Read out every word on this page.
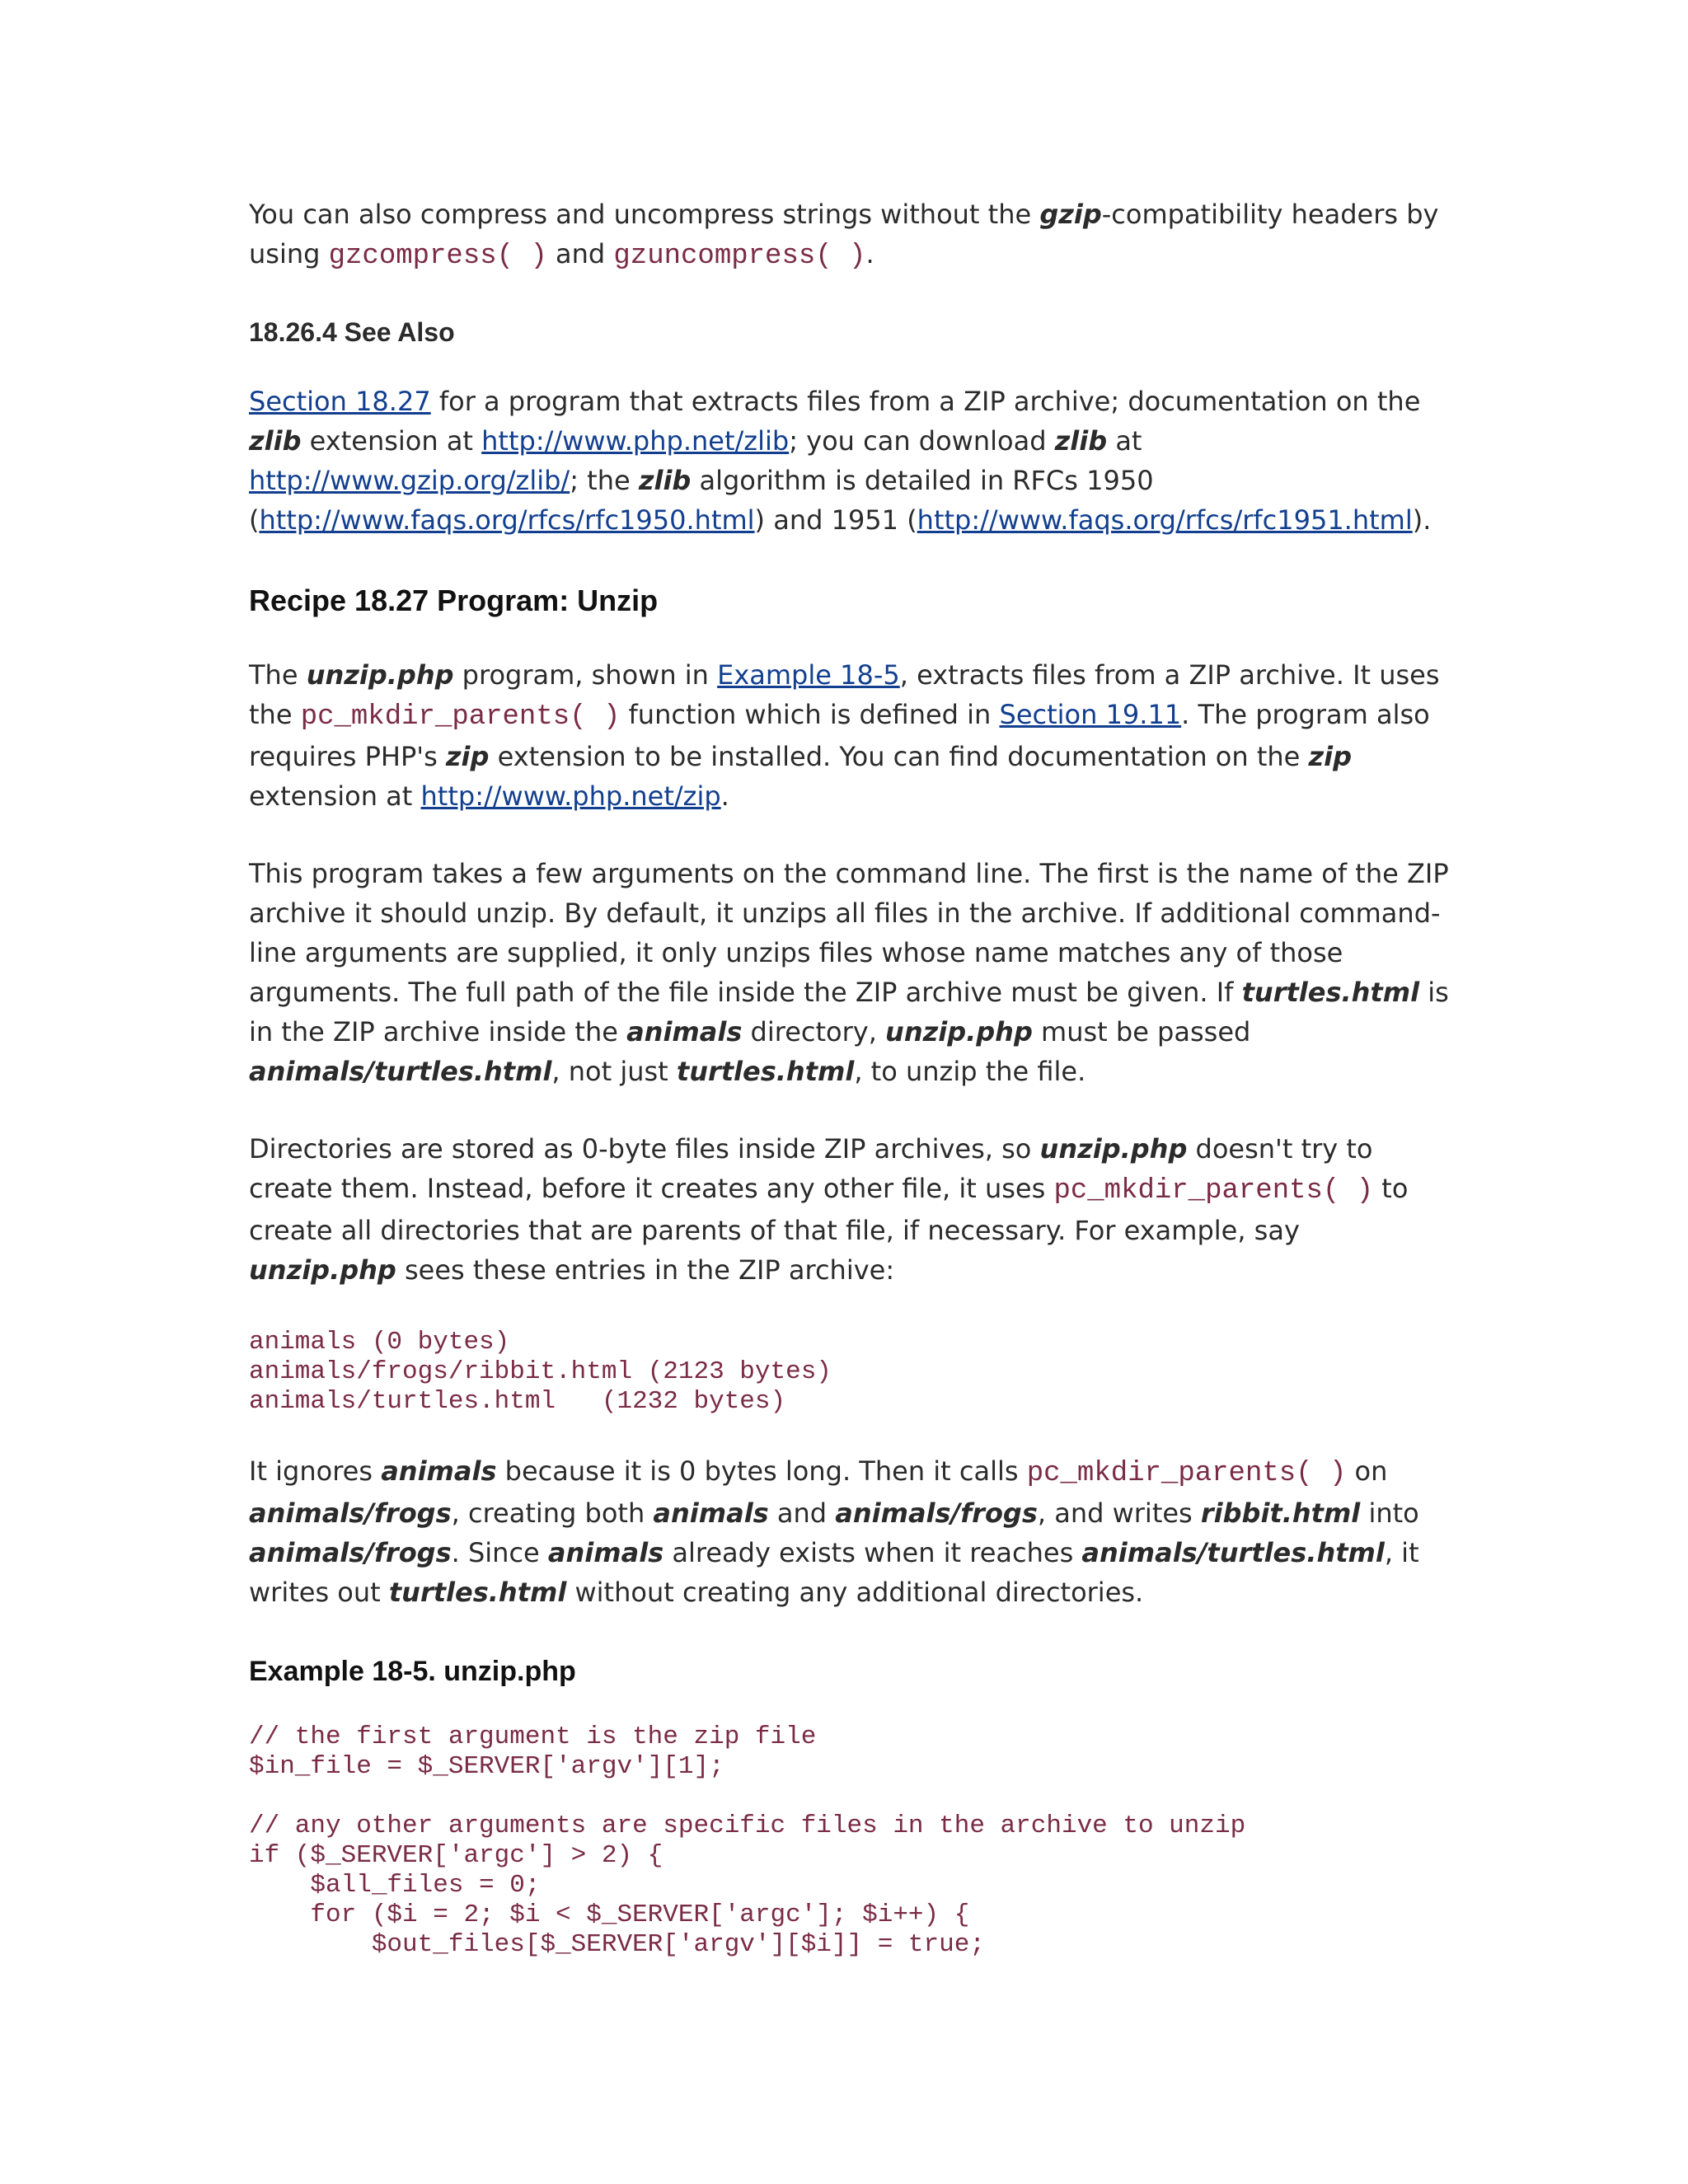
You can also compress and uncompress strings without the gzip-compatibility headers by using gzcompress( ) and gzuncompress( ).

18.26.4 See Also

Section 18.27 for a program that extracts files from a ZIP archive; documentation on the zlib extension at http://www.php.net/zlib; you can download zlib at http://www.gzip.org/zlib/; the zlib algorithm is detailed in RFCs 1950 (http://www.faqs.org/rfcs/rfc1950.html) and 1951 (http://www.faqs.org/rfcs/rfc1951.html).

Recipe 18.27 Program: Unzip

The unzip.php program, shown in Example 18-5, extracts files from a ZIP archive. It uses the pc_mkdir_parents( ) function which is defined in Section 19.11. The program also requires PHP's zip extension to be installed. You can find documentation on the zip extension at http://www.php.net/zip.

This program takes a few arguments on the command line. The first is the name of the ZIP archive it should unzip. By default, it unzips all files in the archive. If additional command-line arguments are supplied, it only unzips files whose name matches any of those arguments. The full path of the file inside the ZIP archive must be given. If turtles.html is in the ZIP archive inside the animals directory, unzip.php must be passed animals/turtles.html, not just turtles.html, to unzip the file.

Directories are stored as 0-byte files inside ZIP archives, so unzip.php doesn't try to create them. Instead, before it creates any other file, it uses pc_mkdir_parents( ) to create all directories that are parents of that file, if necessary. For example, say unzip.php sees these entries in the ZIP archive:

animals (0 bytes)
animals/frogs/ribbit.html (2123 bytes)
animals/turtles.html   (1232 bytes)

It ignores animals because it is 0 bytes long. Then it calls pc_mkdir_parents( ) on animals/frogs, creating both animals and animals/frogs, and writes ribbit.html into animals/frogs. Since animals already exists when it reaches animals/turtles.html, it writes out turtles.html without creating any additional directories.

Example 18-5. unzip.php
// the first argument is the zip file
$in_file = $_SERVER['argv'][1];

// any other arguments are specific files in the archive to unzip
if ($_SERVER['argc'] > 2) {
$all_files = 0;
for ($i = 2; $i < $_SERVER['argc']; $i++) {
$out_files[$_SERVER['argv'][$i]] = true;
